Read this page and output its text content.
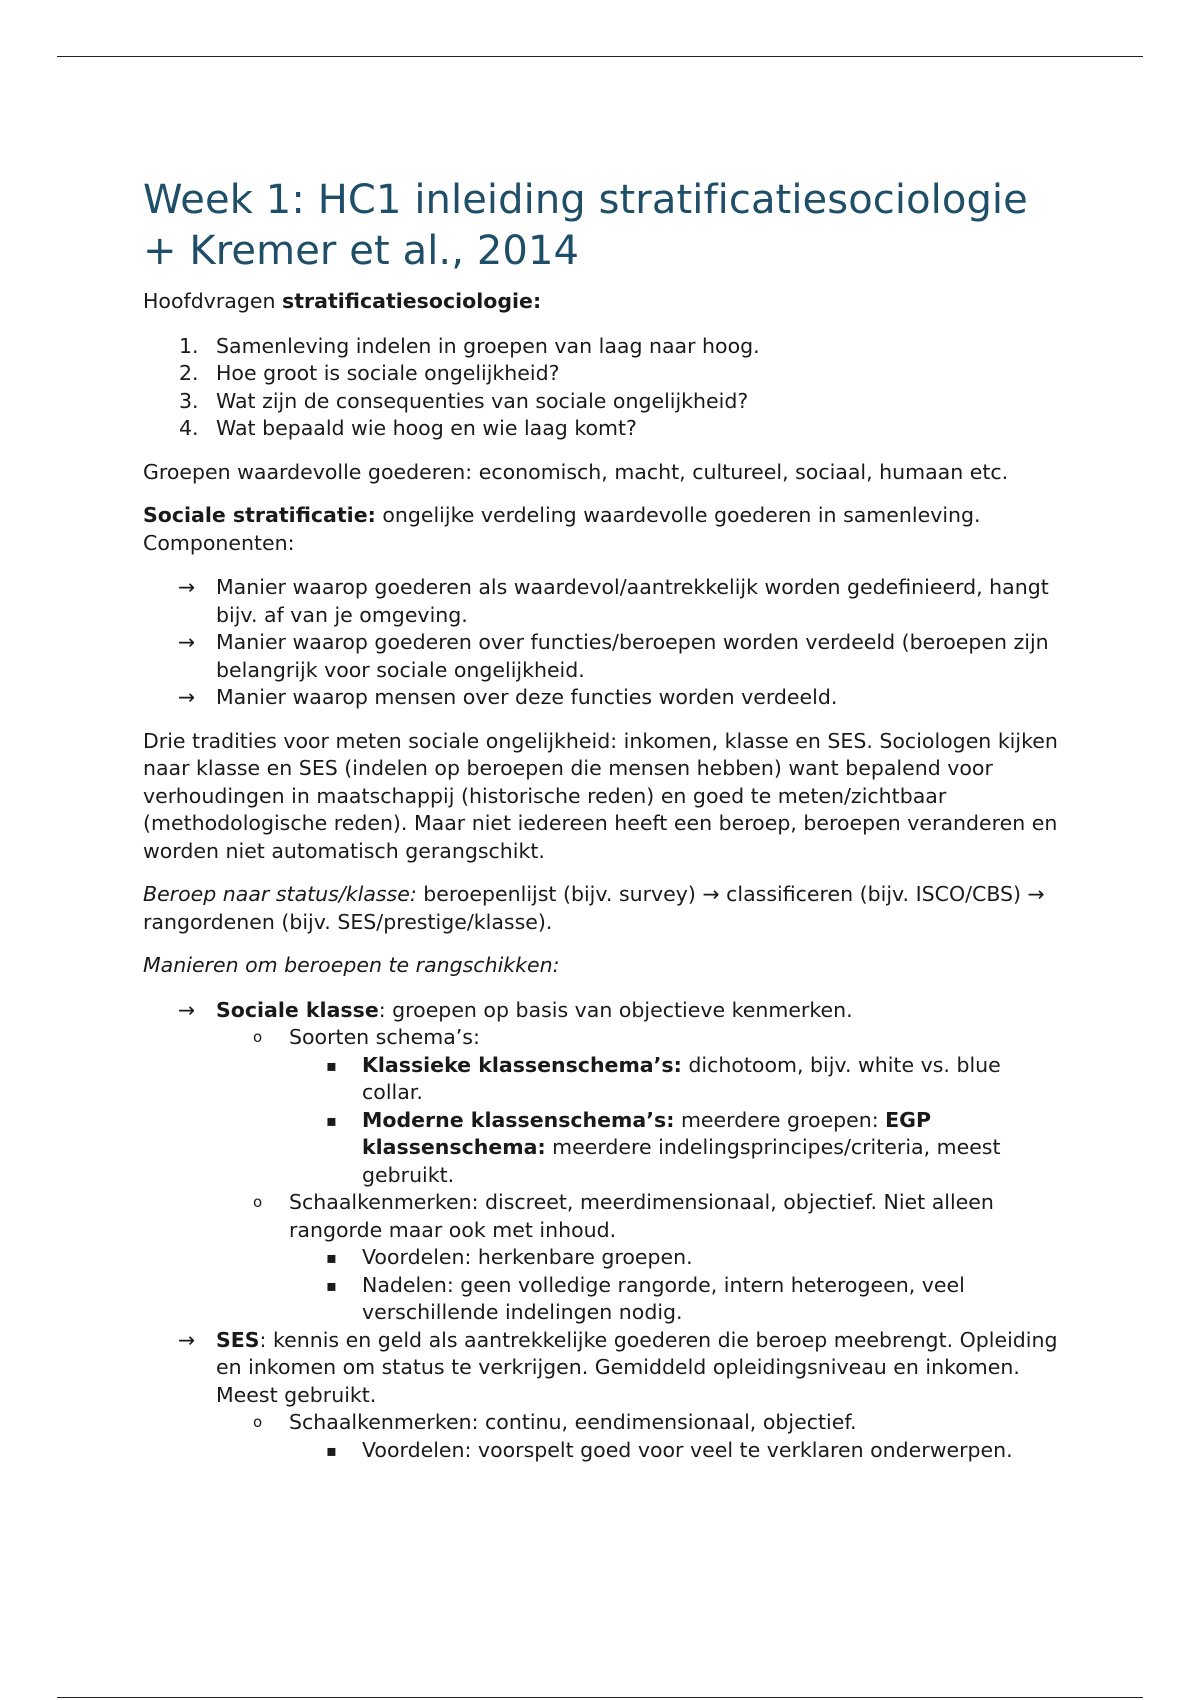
Week 1: HC1 inleiding stratificatiesociologie + Kremer et al., 2014

Hoofdvragen stratificatiesociologie:

1. Samenleving indelen in groepen van laag naar hoog.
2. Hoe groot is sociale ongelijkheid?
3. Wat zijn de consequenties van sociale ongelijkheid?
4. Wat bepaald wie hoog en wie laag komt?

Groepen waardevolle goederen: economisch, macht, cultureel, sociaal, humaan etc.

Sociale stratificatie: ongelijke verdeling waardevolle goederen in samenleving. Componenten:

→	Manier waarop goederen als waardevol/aantrekkelijk worden gedefinieerd, hangt bijv. af van je omgeving.
→	Manier waarop goederen over functies/beroepen worden verdeeld (beroepen zijn belangrijk voor sociale ongelijkheid.
→	Manier waarop mensen over deze functies worden verdeeld.

Drie tradities voor meten sociale ongelijkheid: inkomen, klasse en SES. Sociologen kijken naar klasse en SES (indelen op beroepen die mensen hebben) want bepalend voor verhoudingen in maatschappij (historische reden) en goed te meten/zichtbaar (methodologische reden). Maar niet iedereen heeft een beroep, beroepen veranderen en worden niet automatisch gerangschikt.

Beroep naar status/klasse: beroepenlijst (bijv. survey) → classificeren (bijv. ISCO/CBS) → rangordenen (bijv. SES/prestige/klasse).

Manieren om beroepen te rangschikken:

→	Sociale klasse: groepen op basis van objectieve kenmerken.
o	Soorten schema’s:
▪	Klassieke klassenschema’s: dichotoom, bijv. white vs. blue collar.
▪	Moderne klassenschema’s: meerdere groepen: EGP klassenschema: meerdere indelingsprincipes/criteria, meest gebruikt.
o	Schaalkenmerken: discreet, meerdimensionaal, objectief. Niet alleen rangorde maar ook met inhoud.
▪	Voordelen: herkenbare groepen.
▪	Nadelen: geen volledige rangorde, intern heterogeen, veel verschillende indelingen nodig.
→	SES: kennis en geld als aantrekkelijke goederen die beroep meebrengt. Opleiding en inkomen om status te verkrijgen. Gemiddeld opleidingsniveau en inkomen. Meest gebruikt.
o	Schaalkenmerken: continu, eendimensionaal, objectief.
▪	Voordelen: voorspelt goed voor veel te verklaren onderwerpen.
